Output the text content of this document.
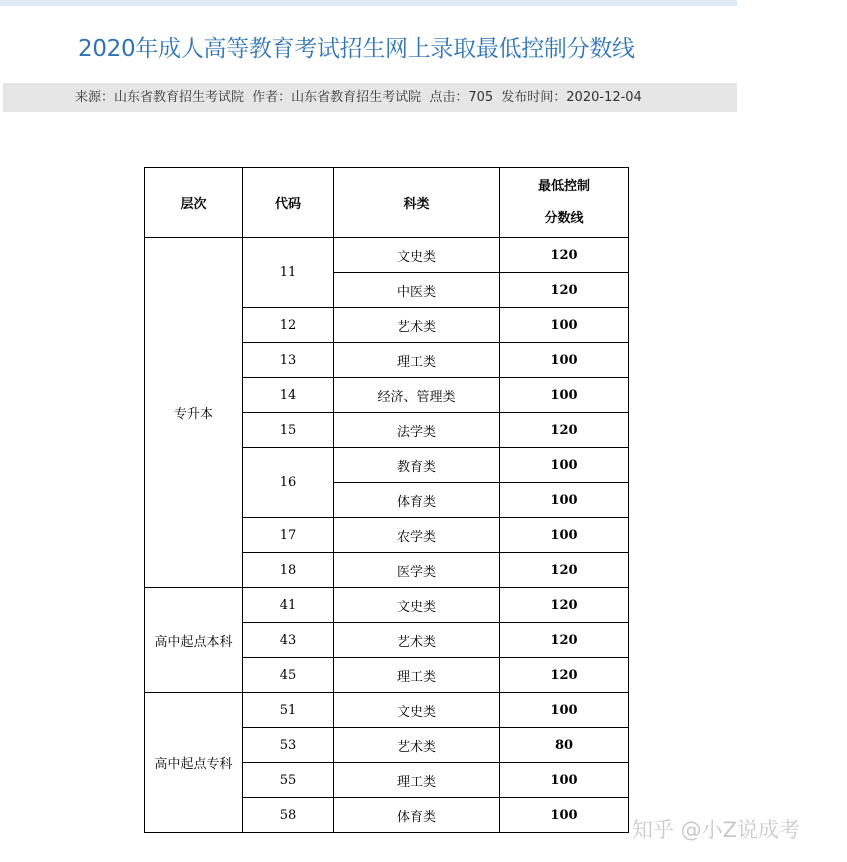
2020年成人高等教育考试招生网上录取最低控制分数线
来源：山东省教育招生考试院 作者：山东省教育招生考试院 点击：705 发布时间：2020-12-04
层次	代码	科类	最低控制
分数线

专升本	11	文史类	120
		中医类	120
	12	艺术类	100
	13	理工类	100
	14	经济、管理类	100
	15	法学类	120
	16	教育类	100
		体育类	100
	17	农学类	100
	18	医学类	120
高中起点本科	41	文史类	120
	43	艺术类	120
	45	理工类	120
高中起点专科	51	文史类	100
	53	艺术类	80
	55	理工类	100
	58	体育类	100
知乎 @小Z说成考
